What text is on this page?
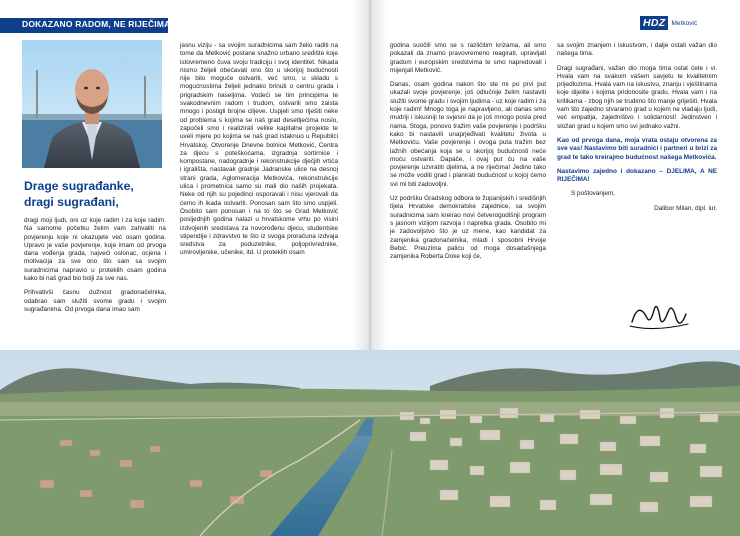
DOKAZANO RADOM, NE RIJEČIMA
Drage sugrađanke,
dragi sugrađani,

dragi moji ljudi, oni uz koje radim i za koje radim. Na samome početku želim vam zahvaliti na povjerenju koje ni ukazujete već osam godina. Upravo je vaše povjerenje, koje imam od prvoga dana vođenja grada, najveći oslonac, ocjena i motivacija za sve ono što sam sa svojim suradnicima napravio u proteklih osam godina kako bi naš grad bio bolji za sve nas.

Prihvativši časnu dužnost gradonačelnika, odabrao sam služiti svome gradu i svojim sugrađanima. Od prvoga dana imao sam

jasnu viziju - sa svojim suradnicima sam želio raditi na tome da Metković postane snažno urbano središte koje istovremeno čuva svoju tradiciju i svoj identitet. Nikada nismo željeli obećavati ono što u skorijoj budućnosti nije bilo moguće ostvariti, već smo, u skladu s mogućnostima željeli jednako brinuti o centru grada i prigradskim naseljima. Vodeći se tim principima te svakodnevnim radom i trudom, ostvarili smo zaista mnogo i postigli brojne ciljeve. Uspjeli smo riješiti neke od problema s kojima se naš grad desetljećima nosio, započeli smo i realizirali velike kapitalne projekte te uveli mjere po kojima se naš grad istaknuo u Republici Hrvatskoj. Otvorenje Dnevne bolnice Metković, Centra za djecu s poteškoćama, izgradnja sortirnice i kompostane, nadogradnje i rekonstrukcije dječjih vrtića i igrališta, nastavak gradnje Jadranske ulice na desnoj strani grada, Aglomeracija Metkovića, rekonstrukcije ulica i prometnica samo su mali dio naših projekata. Neke od njih su pojedinci osporavali i nisu vjerovali da ćemo ih ikada ostvariti. Ponosan sam što smo uspjeli. Osobito sam ponosan i na to što se Grad Metković posljednjih godina nalazi u hrvatskome vrhu po visini izdvojenih sredstava za novorođenu djecu, studentske stipendije i zdravstvo te što iz svoga proračuna izdvaja sredstva za poduzetnike, poljoprivrednike, umirovljenike, učenike, itd. U proteklih osam

godina suočili smo se s različitim krizama, ali smo pokazali da znamo pravovremeno reagirati, upravljati gradom i europskim sredstvima te smo napredovali i mijenjali Metković.

Danas, osam godina nakon što ste mi po prvi put ukazali svoje povjerenje, još odlučnije želim nastaviti služiti svome gradu i svojim ljudima - uz koje radim i za koje radim! Mnogo toga je napravljeno, ali danas smo mudriji i iskusniji te svjesni da je još mnogo posla pred nama. Stoga, ponovo tražim vaše povjerenje i podršku kako bi nastavili unaprjeđivati kvalitetu života u Metkoviću. Vaše povjerenje i ovoga puta tražim bez lažnih obećanja koja se u skorijoj budućnosti neće moću ostvariti. Dapače, i ovaj put ću na vaše povjerenje uzvratiti djelima, a ne riječima! Jedino tako se može voditi grad i planirati budućnost u kojoj ćemo svi mi biti zadovoljni.

Uz podršku Gradskog odbora te županijskih i središnjih tijela Hrvatske demokratske zajednice, sa svojim suradnicima sam kreirao novi četverogodišnji program s jasnom vizijom razvoja i napretka grada. Osobito mi je zadovoljstvo što je uz mene, kao kandidat za zamjenika gradonačelnika, mladi i sposobni Hrvoje Bebić. Preuzima palicu od moga dosadašnjega zamjenika Roberta Doke koji će,

HDZ Metković

sa svojim znanjem i iskustvom, i dalje ostati važan dio našega tima.

Dragi sugrađani, važan dio moga tima ostat ćete i vi. Hvala vam na svakom vašem savjetu te kvalitetnim prijedlozima. Hvala vam na iskustvu, znanju i vještinama koje dijelite i kojima pridonosite gradu. Hvala vam i na kritikama - zbog njih se trudimo što manje griješiti. Hvala vam što zajedno stvaramo grad u kojem ne vladaju ljudi, već empatija, zajedništvo i solidarnost! Jedinstven i složan grad u kojem smo svi jednako važni.

Kao od prvoga dana, moja vrata ostaju otvorena za sve vas! Nastavimo biti suradnici i partneri u brizi za grad te tako kreirajmo budućnost našega Metkovića.

Nastavimo zajedno i dokazano – DJELIMA, A NE RIJEČIMA!

S poštovanjem,

Dalibor Milan, dipl. iur.
